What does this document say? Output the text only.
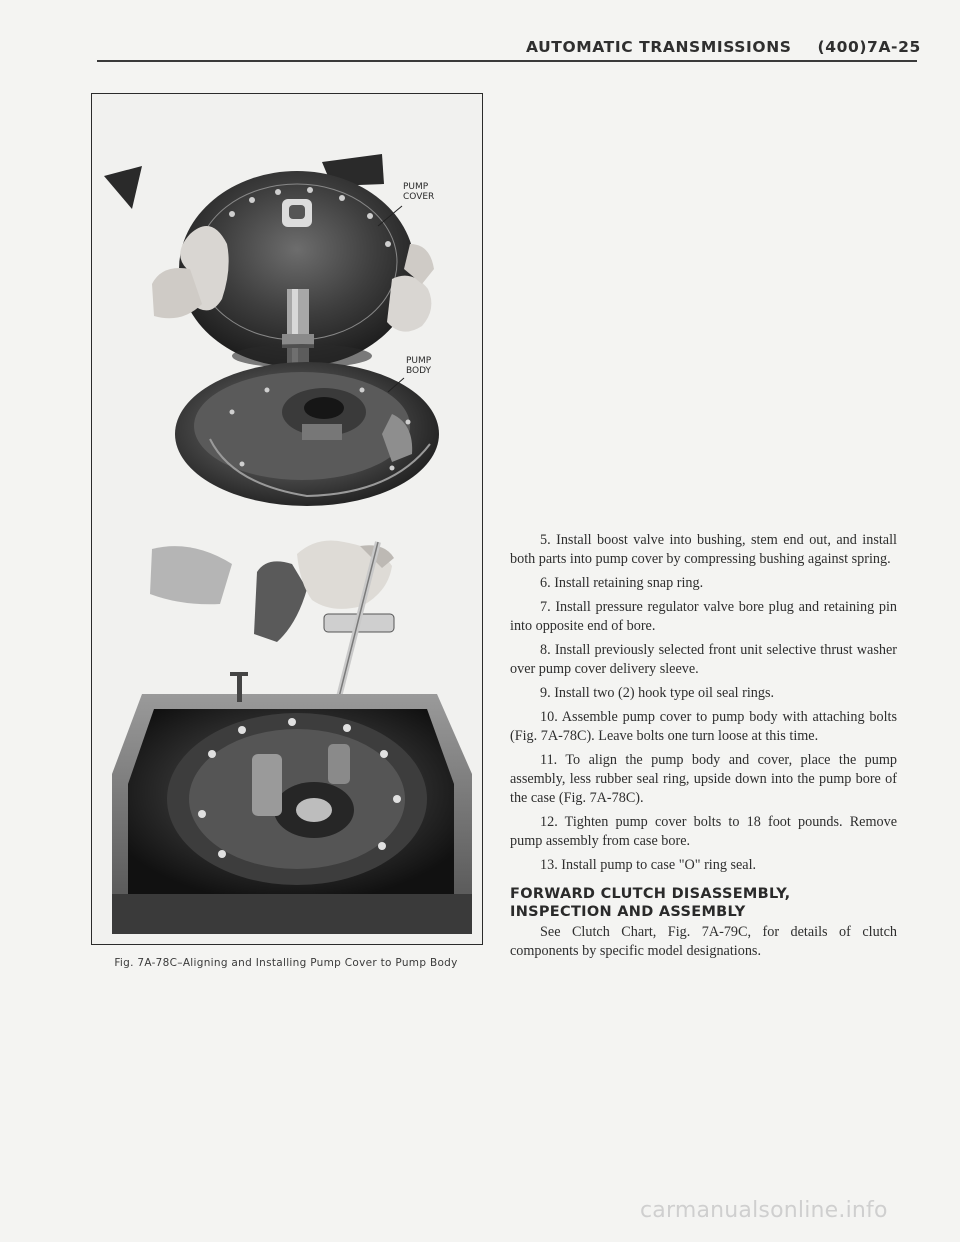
AUTOMATIC TRANSMISSIONS (400)7A-25
PUMP
COVER
PUMP
BODY
Fig. 7A-78C–Aligning and Installing Pump Cover to Pump Body

5. Install boost valve into bushing, stem end out, and install both parts into pump cover by compressing bushing against spring.

6. Install retaining snap ring.

7. Install pressure regulator valve bore plug and retaining pin into opposite end of bore.

8. Install previously selected front unit selective thrust washer over pump cover delivery sleeve.

9. Install two (2) hook type oil seal rings.

10. Assemble pump cover to pump body with attaching bolts (Fig. 7A-78C). Leave bolts one turn loose at this time.

11. To align the pump body and cover, place the pump assembly, less rubber seal ring, upside down into the pump bore of the case (Fig. 7A-78C).

12. Tighten pump cover bolts to 18 foot pounds. Remove pump assembly from case bore.

13. Install pump to case "O" ring seal.

FORWARD CLUTCH DISASSEMBLY, INSPECTION AND ASSEMBLY

See Clutch Chart, Fig. 7A-79C, for details of clutch components by specific model designations.

carmanualsonline.info
